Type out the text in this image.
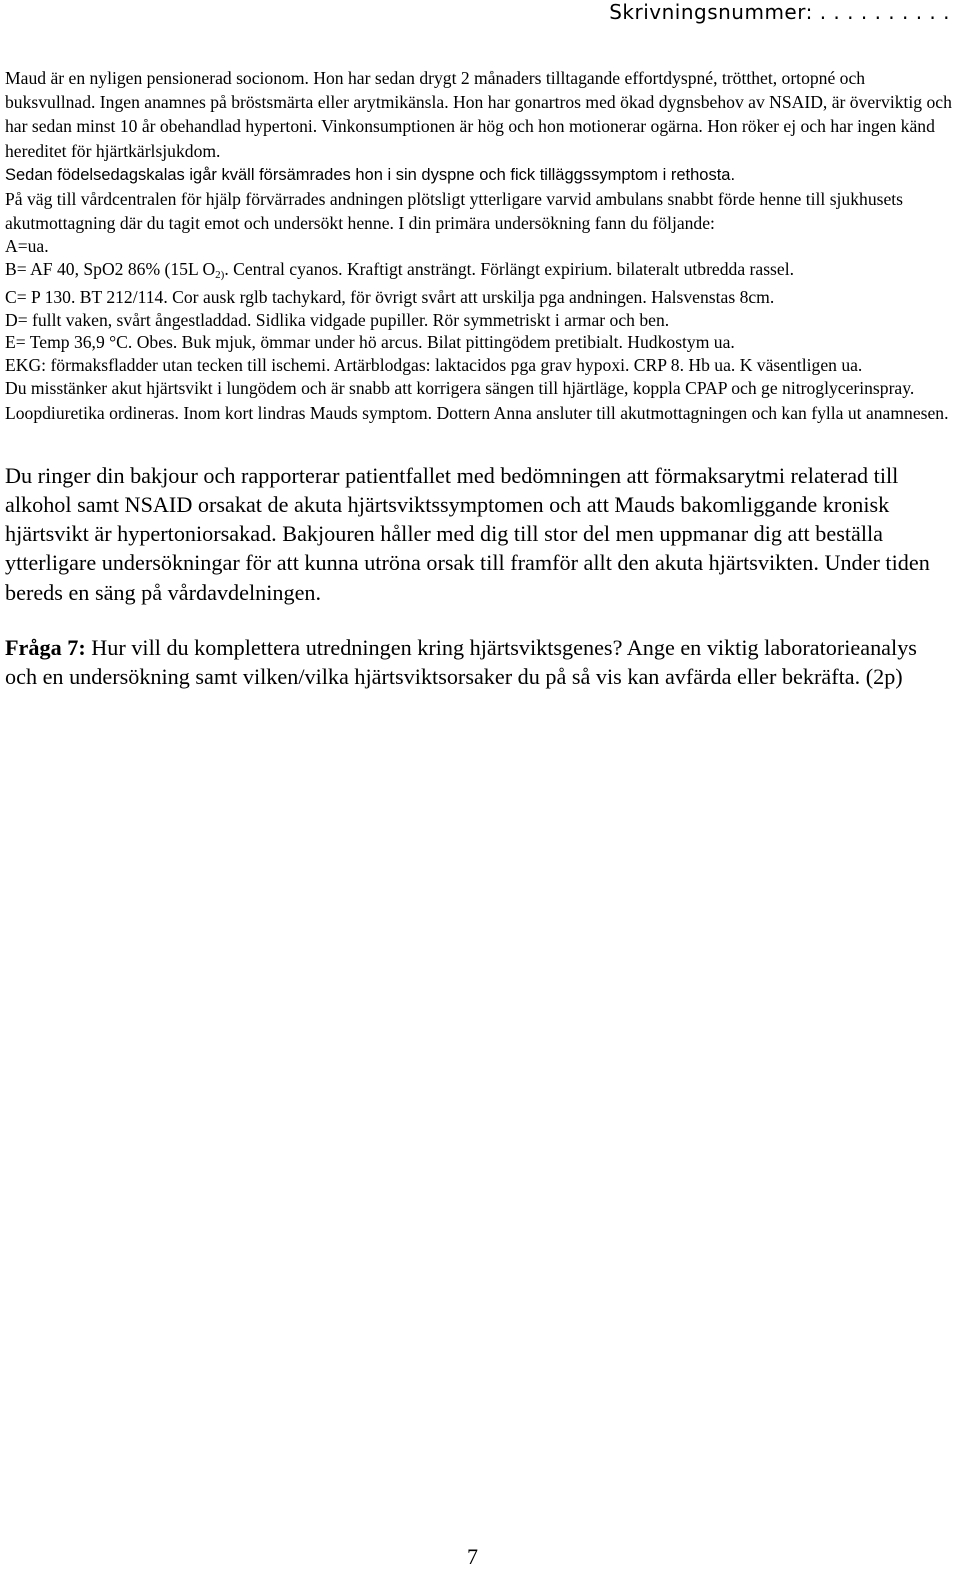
Skrivningsnummer: . . . . . . . . . .

Maud är en nyligen pensionerad socionom. Hon har sedan drygt 2 månaders tilltagande effortdyspné, trötthet, ortopné och buksvullnad. Ingen anamnes på bröstsmärta eller arytmikänsla. Hon har gonartros med ökad dygnsbehov av NSAID, är överviktig och har sedan minst 10 år obehandlad hypertoni. Vinkonsumptionen är hög och hon motionerar ogärna. Hon röker ej och har ingen känd hereditet för hjärtkärlsjukdom.

Sedan födelsedagskalas igår kväll försämrades hon i sin dyspne och fick tilläggssymptom i rethosta.

På väg till vårdcentralen för hjälp förvärrades andningen plötsligt ytterligare varvid ambulans snabbt förde henne till sjukhusets akutmottagning där du tagit emot och undersökt henne. I din primära undersökning fann du följande:

A=ua.

B= AF 40, SpO2 86% (15L $O_{2)}$. Central cyanos. Kraftigt ansträngt. Förlängt expirium. bilateralt utbredda rassel.

C= P 130. BT 212/114. Cor ausk rglb tachykard, för övrigt svårt att urskilja pga andningen. Halsvenstas 8cm.

D= fullt vaken, svårt ångestladdad. Sidlika vidgade pupiller. Rör symmetriskt i armar och ben.

E= Temp 36,9 °C. Obes. Buk mjuk, ömmar under hö arcus. Bilat pittingödem pretibialt. Hudkostym ua.

EKG: förmaksfladder utan tecken till ischemi. Artärblodgas: laktacidos pga grav hypoxi. CRP 8. Hb ua. K väsentligen ua.

Du misstänker akut hjärtsvikt i lungödem och är snabb att korrigera sängen till hjärtläge, koppla CPAP och ge nitroglycerinspray. Loopdiuretika ordineras. Inom kort lindras Mauds symptom. Dottern Anna ansluter till akutmottagningen och kan fylla ut anamnesen.

Du ringer din bakjour och rapporterar patientfallet med bedömningen att förmaksarytmi relaterad till alkohol samt NSAID orsakat de akuta hjärtsviktssymptomen och att Mauds bakomliggande kronisk hjärtsvikt är hypertoniorsakad. Bakjouren håller med dig till stor del men uppmanar dig att beställa ytterligare undersökningar för att kunna utröna orsak till framför allt den akuta hjärtsvikten. Under tiden bereds en säng på vårdavdelningen.

Fråga 7: Hur vill du komplettera utredningen kring hjärtsviktsgenes? Ange en viktig laboratorieanalys och en undersökning samt vilken/vilka hjärtsviktsorsaker du på så vis kan avfärda eller bekräfta. (2p)

7
